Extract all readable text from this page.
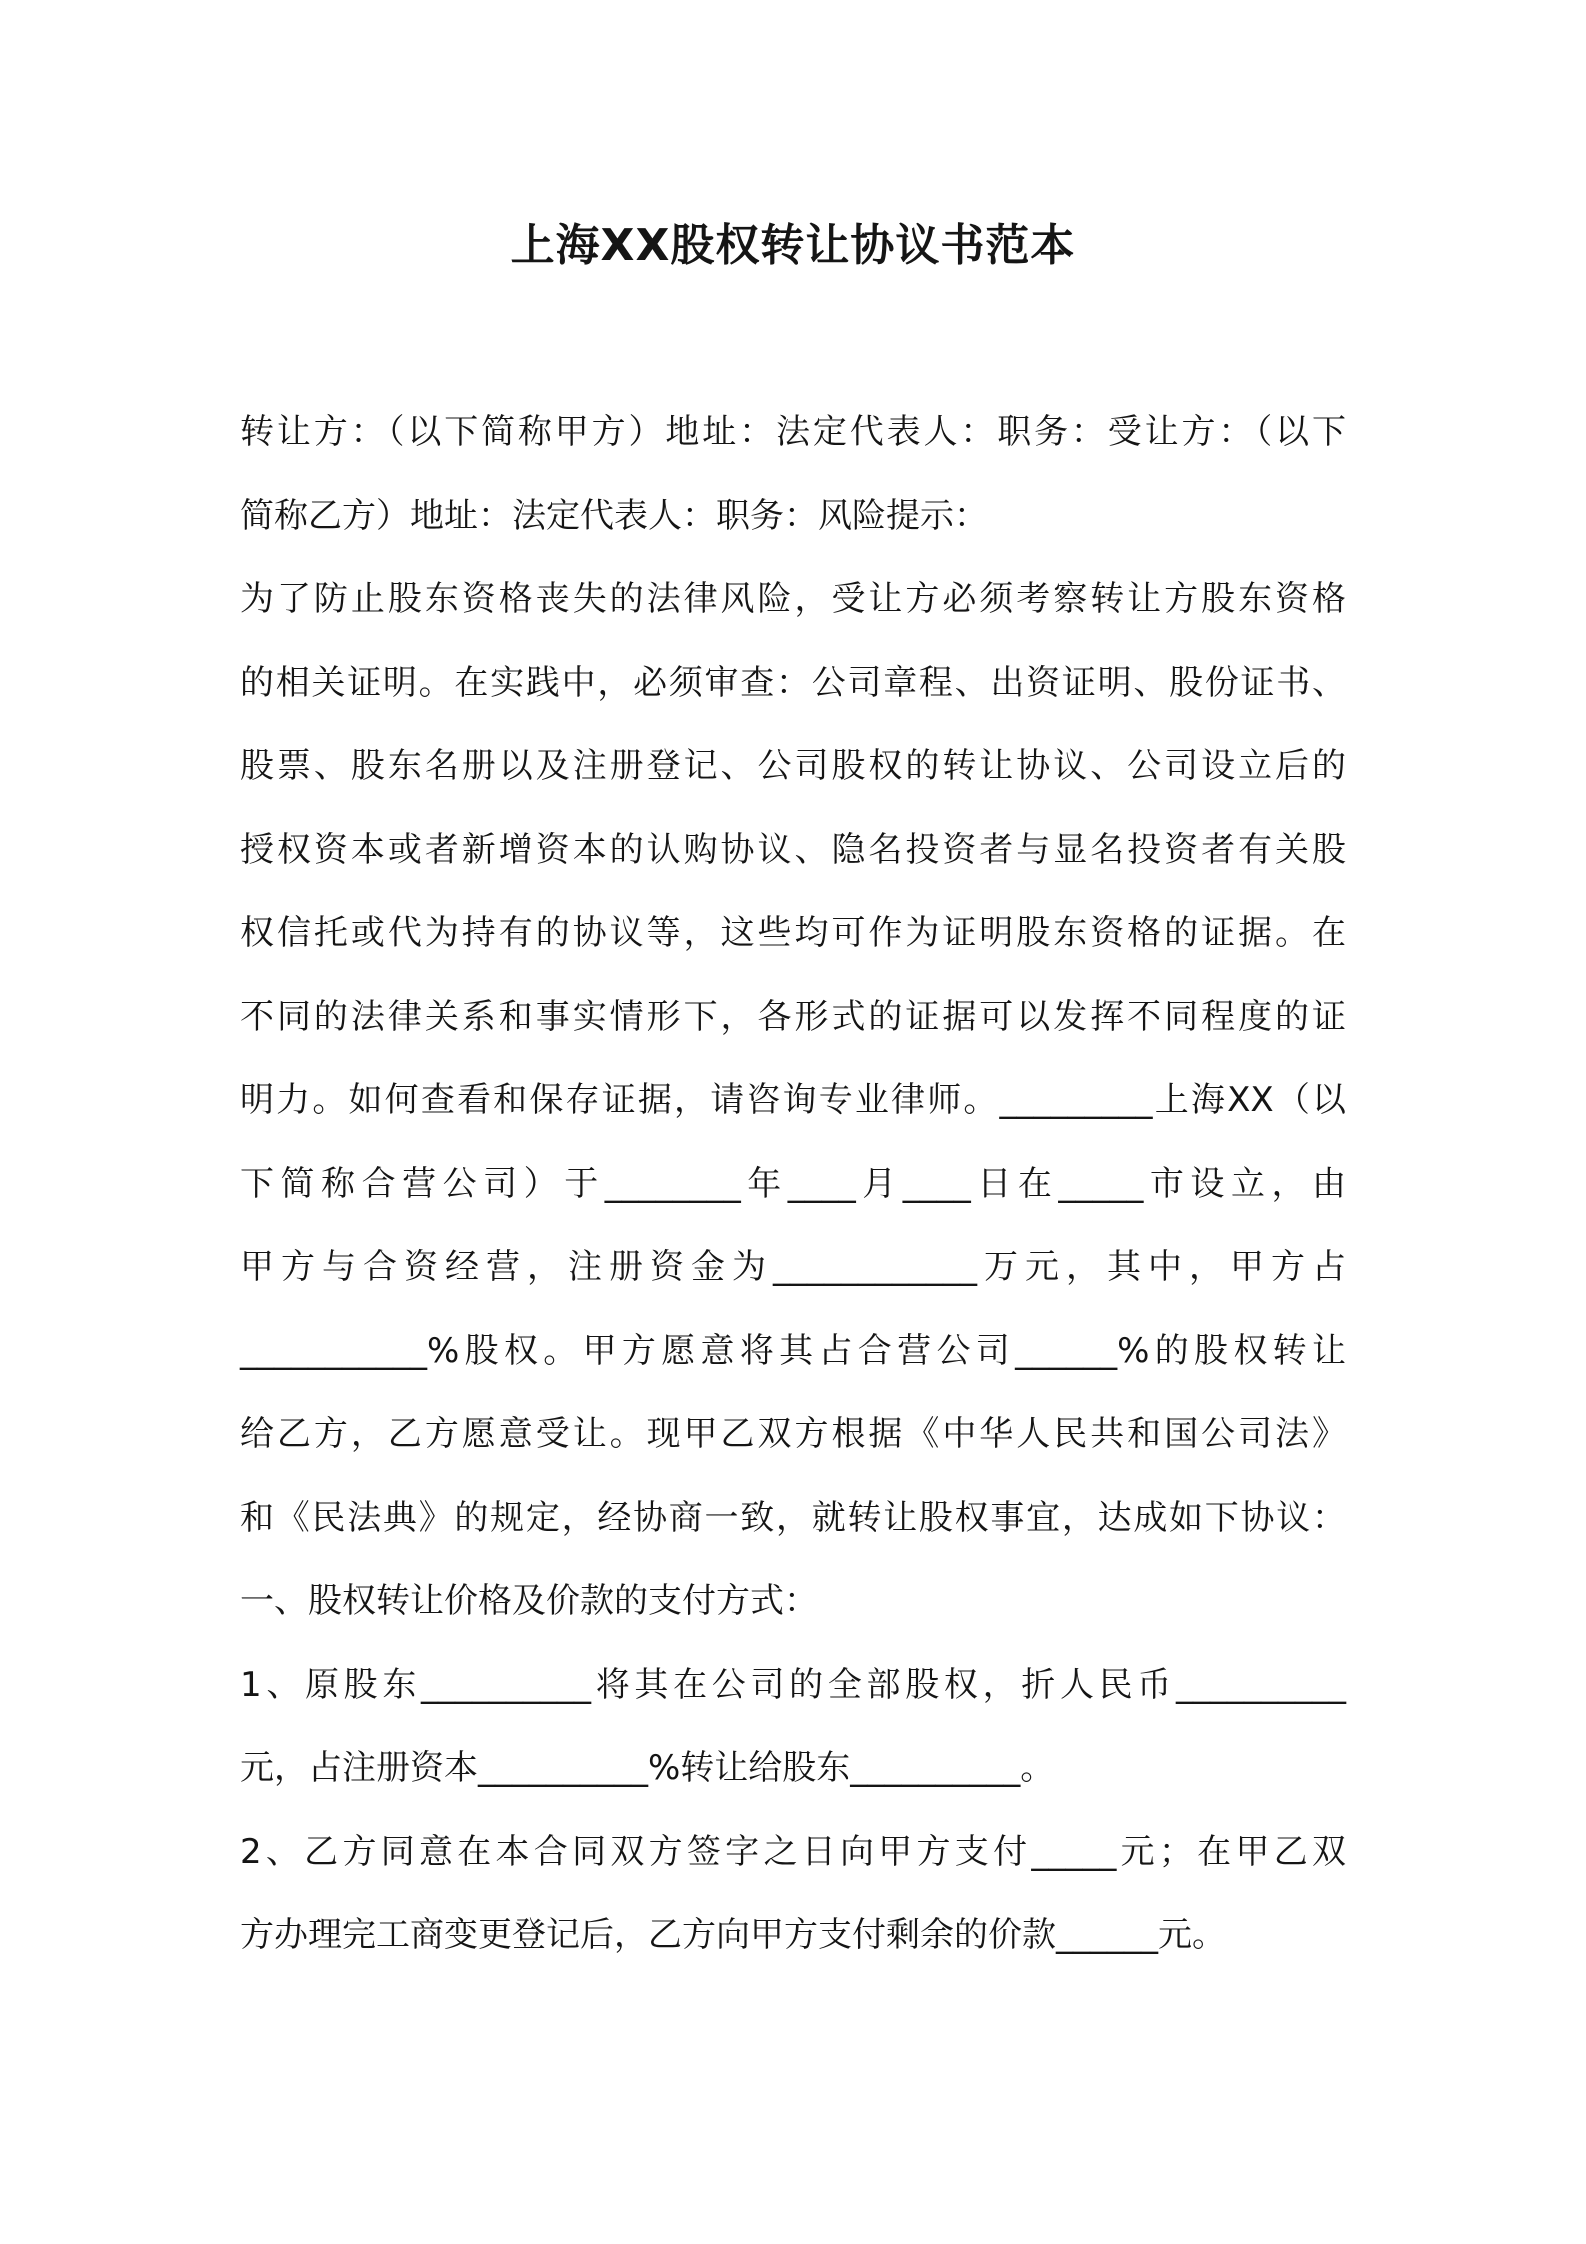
上海XX股权转让协议书范本
转让方：（以下简称甲方）地址：法定代表人：职务：受让方：（以下
简称乙方）地址：法定代表人：职务：风险提示：
为了防止股东资格丧失的法律风险，受让方必须考察转让方股东资格
的相关证明。在实践中，必须审查：公司章程、出资证明、股份证书、
股票、股东名册以及注册登记、公司股权的转让协议、公司设立后的
授权资本或者新增资本的认购协议、隐名投资者与显名投资者有关股
权信托或代为持有的协议等，这些均可作为证明股东资格的证据。在
不同的法律关系和事实情形下，各形式的证据可以发挥不同程度的证
明力。如何查看和保存证据，请咨询专业律师。_________上海XX（以
下简称合营公司）于________年____月____日在_____市设立，由
甲方与合资经营，注册资金为____________万元，其中，甲方占
___________%股权。甲方愿意将其占合营公司______%的股权转让
给乙方，乙方愿意受让。现甲乙双方根据《中华人民共和国公司法》
和《民法典》的规定，经协商一致，就转让股权事宜，达成如下协议：
一、股权转让价格及价款的支付方式：
1、原股东__________将其在公司的全部股权，折人民币__________
元，占注册资本__________%转让给股东__________。
2、乙方同意在本合同双方签字之日向甲方支付_____元；在甲乙双
方办理完工商变更登记后，乙方向甲方支付剩余的价款______元。
